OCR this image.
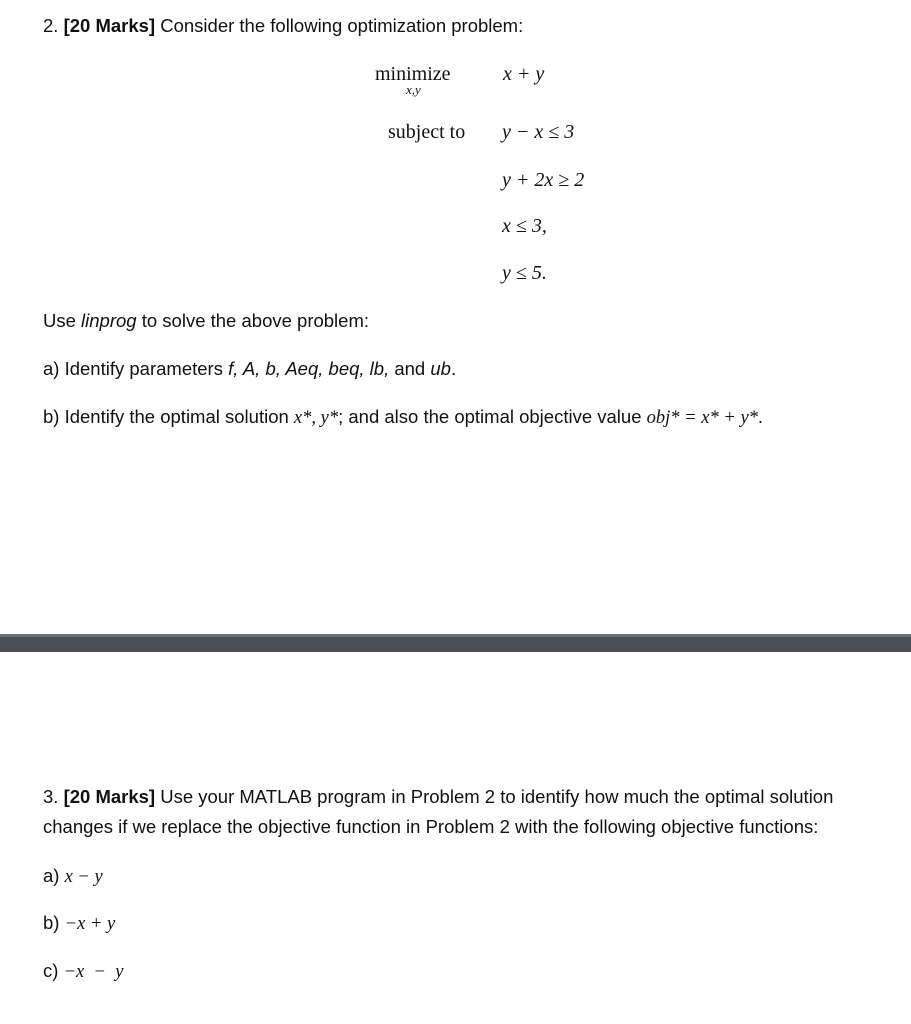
2. [20 Marks] Consider the following optimization problem:
minimize
x,y
x + y
subject to y − x ≤ 3
y + 2x ≥ 2
x ≤ 3,
y ≤ 5.
Use linprog to solve the above problem:
a) Identify parameters f, A, b, Aeq, beq, lb, and ub.
b) Identify the optimal solution x*, y*; and also the optimal objective value obj* = x* + y*.
3. [20 Marks] Use your MATLAB program in Problem 2 to identify how much the optimal solution
changes if we replace the objective function in Problem 2 with the following objective functions:
a) x − y
b) −x + y
c) −x  −  y
